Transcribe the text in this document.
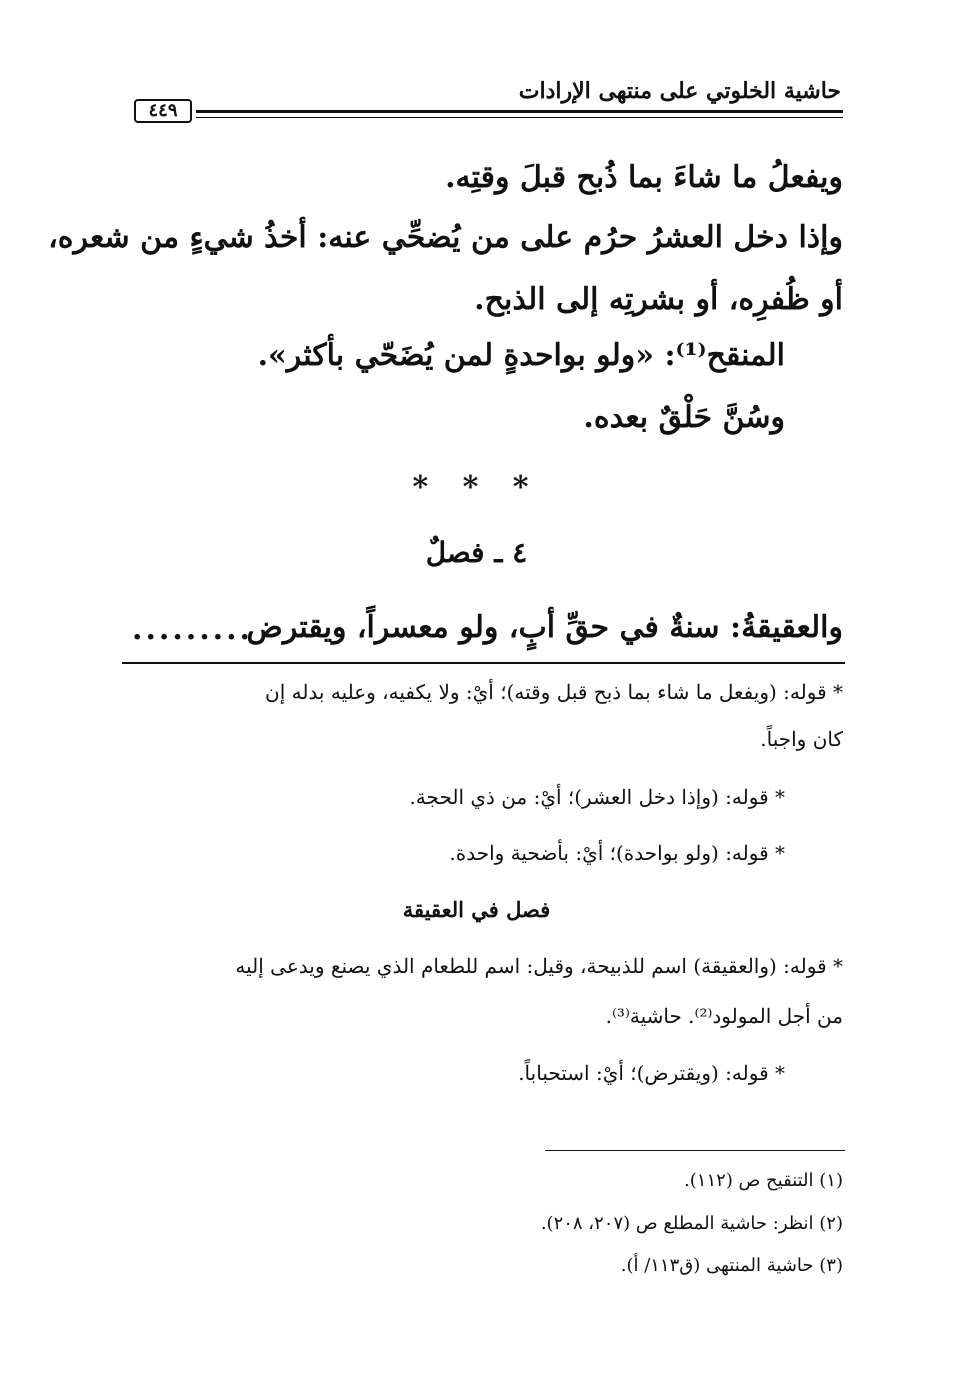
حاشية الخلوتي على منتهى الإرادات
٤٤٩
ويفعلُ ما شاءَ بما ذُبح قبلَ وقتِه.
وإذا دخل العشرُ حرُم على من يُضحِّي عنه: أخذُ شيءٍ من شعره،
أو ظُفرِه، أو بشرتِه إلى الذبح.
المنقح⁽¹⁾: «ولو بواحدةٍ لمن يُضَحّي بأكثر».
وسُنَّ حَلْقٌ بعده.
* * *
٤ ـ فصلٌ
والعقيقةُ: سنةٌ في حقِّ أبٍ، ولو معسراً، ويقترض
.........
* قوله: (ويفعل ما شاء بما ذبح قبل وقته)؛ أيْ: ولا يكفيه، وعليه بدله إن
كان واجباً.
* قوله: (وإذا دخل العشر)؛ أيْ: من ذي الحجة.
* قوله: (ولو بواحدة)؛ أيْ: بأضحية واحدة.
فصل في العقيقة
* قوله: (والعقيقة) اسم للذبيحة، وقيل: اسم للطعام الذي يصنع ويدعى إليه
من أجل المولود⁽²⁾. حاشية⁽³⁾.
* قوله: (ويقترض)؛ أيْ: استحباباً.
(١) التنقيح ص (١١٢).
(٢) انظر: حاشية المطلع ص (٢٠٧، ٢٠٨).
(٣) حاشية المنتهى (ق١١٣/ أ).
